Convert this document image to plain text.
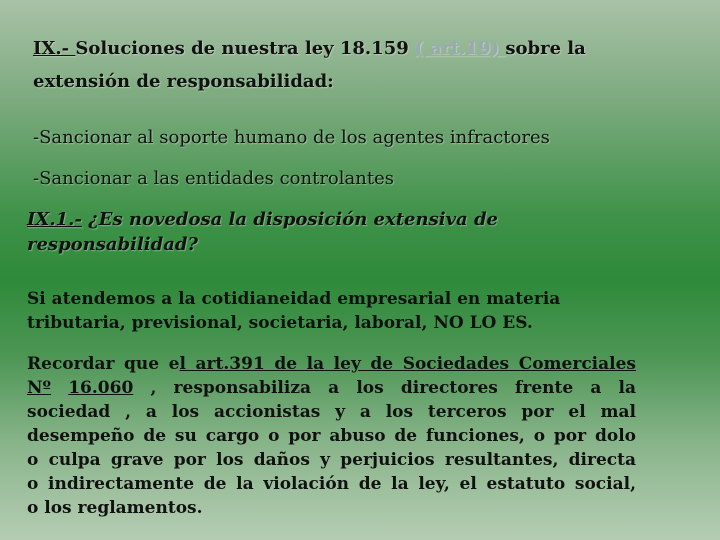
IX.- Soluciones de nuestra ley 18.159 ( art.19) sobre la
extensión de responsabilidad:
-Sancionar al soporte humano de los agentes infractores
-Sancionar a las entidades controlantes
IX.1.- ¿Es novedosa la disposición extensiva de
responsabilidad?
Si atendemos a la cotidianeidad empresarial en materia
tributaria, previsional, societaria, laboral, NO LO ES.
Recordar que el art.391 de la ley de Sociedades Comerciales
Nº 16.060 , responsabiliza a los directores frente a la
sociedad , a los accionistas y a los terceros por el mal
desempeño de su cargo o por abuso de funciones, o por dolo
o culpa grave por los daños y perjuicios resultantes, directa
o indirectamente de la violación de la ley, el estatuto social,
o los reglamentos.
